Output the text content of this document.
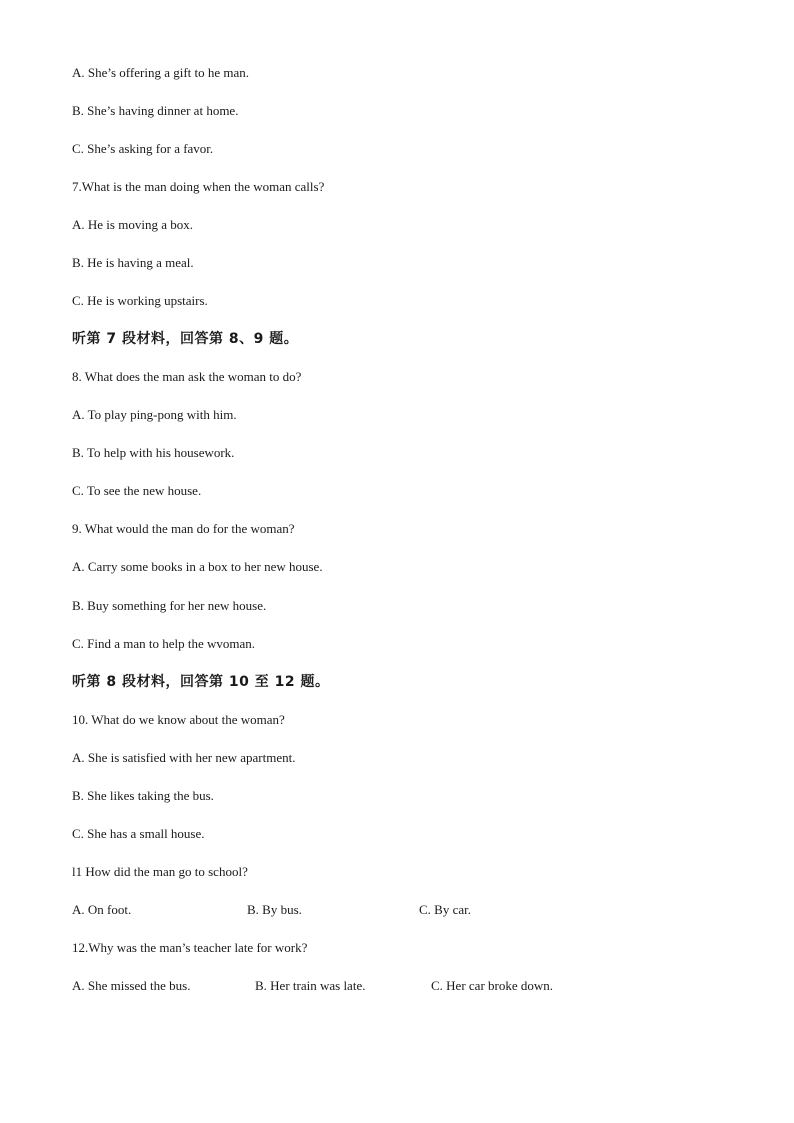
A. She’s offering a gift to he man.
B. She’s having dinner at home.
C. She’s asking for a favor.
7.What is the man doing when the woman calls?
A. He is moving a box.
B. He is having a meal.
C. He is working upstairs.
听第 7 段材料，回答第 8、9 题。
8. What does the man ask the woman to do?
A. To play ping-pong with him.
B. To help with his housework.
C. To see the new house.
9. What would the man do for the woman?
A. Carry some books in a box to her new house.
B. Buy something for her new house.
C. Find a man to help the wvoman.
听第 8 段材料，回答第 10 至 12 题。
10. What do we know about the woman?
A. She is satisfied with her new apartment.
B. She likes taking the bus.
C. She has a small house.
l1 How did the man go to school?
A. On foot.	B. By bus.	C. By car.
12.Why was the man’s teacher late for work?
A. She missed the bus.	B. Her train was late.	C. Her car broke down.
